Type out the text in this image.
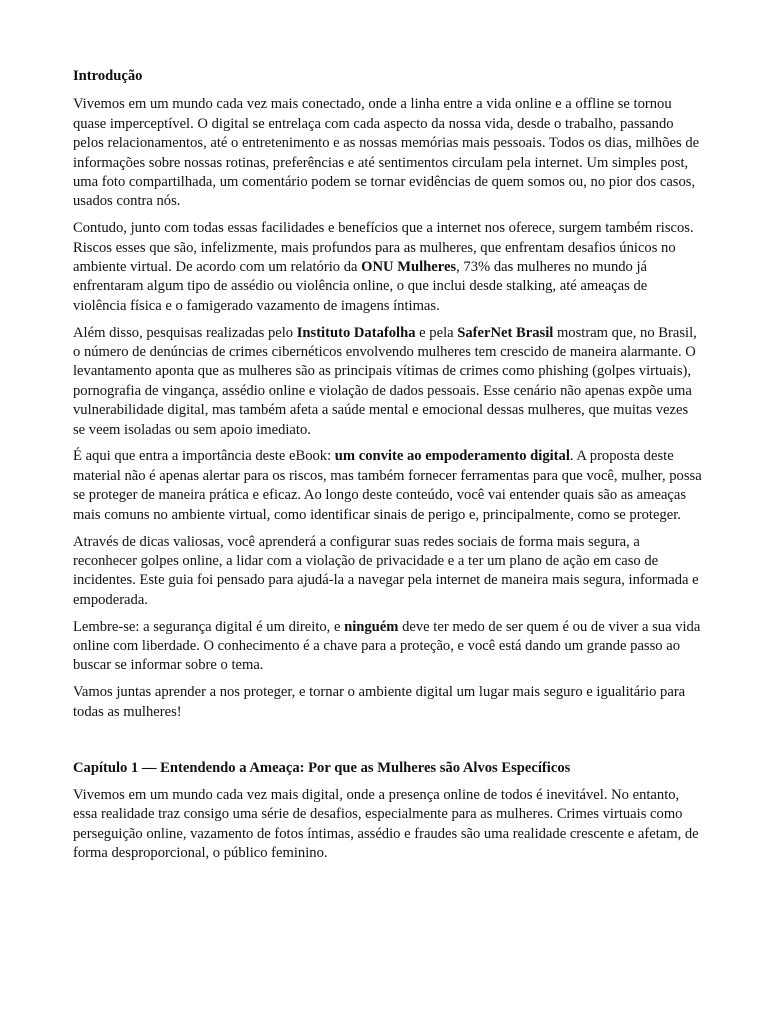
Introdução

Vivemos em um mundo cada vez mais conectado, onde a linha entre a vida online e a offline se tornou quase imperceptível. O digital se entrelaça com cada aspecto da nossa vida, desde o trabalho, passando pelos relacionamentos, até o entretenimento e as nossas memórias mais pessoais. Todos os dias, milhões de informações sobre nossas rotinas, preferências e até sentimentos circulam pela internet. Um simples post, uma foto compartilhada, um comentário podem se tornar evidências de quem somos ou, no pior dos casos, usados contra nós.

Contudo, junto com todas essas facilidades e benefícios que a internet nos oferece, surgem também riscos. Riscos esses que são, infelizmente, mais profundos para as mulheres, que enfrentam desafios únicos no ambiente virtual. De acordo com um relatório da ONU Mulheres, 73% das mulheres no mundo já enfrentaram algum tipo de assédio ou violência online, o que inclui desde stalking, até ameaças de violência física e o famigerado vazamento de imagens íntimas.

Além disso, pesquisas realizadas pelo Instituto Datafolha e pela SaferNet Brasil mostram que, no Brasil, o número de denúncias de crimes cibernéticos envolvendo mulheres tem crescido de maneira alarmante. O levantamento aponta que as mulheres são as principais vítimas de crimes como phishing (golpes virtuais), pornografia de vingança, assédio online e violação de dados pessoais. Esse cenário não apenas expõe uma vulnerabilidade digital, mas também afeta a saúde mental e emocional dessas mulheres, que muitas vezes se veem isoladas ou sem apoio imediato.

É aqui que entra a importância deste eBook: um convite ao empoderamento digital. A proposta deste material não é apenas alertar para os riscos, mas também fornecer ferramentas para que você, mulher, possa se proteger de maneira prática e eficaz. Ao longo deste conteúdo, você vai entender quais são as ameaças mais comuns no ambiente virtual, como identificar sinais de perigo e, principalmente, como se proteger.

Através de dicas valiosas, você aprenderá a configurar suas redes sociais de forma mais segura, a reconhecer golpes online, a lidar com a violação de privacidade e a ter um plano de ação em caso de incidentes. Este guia foi pensado para ajudá-la a navegar pela internet de maneira mais segura, informada e empoderada.

Lembre-se: a segurança digital é um direito, e ninguém deve ter medo de ser quem é ou de viver a sua vida online com liberdade. O conhecimento é a chave para a proteção, e você está dando um grande passo ao buscar se informar sobre o tema.

Vamos juntas aprender a nos proteger, e tornar o ambiente digital um lugar mais seguro e igualitário para todas as mulheres!

Capítulo 1 — Entendendo a Ameaça: Por que as Mulheres são Alvos Específicos

Vivemos em um mundo cada vez mais digital, onde a presença online de todos é inevitável. No entanto, essa realidade traz consigo uma série de desafios, especialmente para as mulheres. Crimes virtuais como perseguição online, vazamento de fotos íntimas, assédio e fraudes são uma realidade crescente e afetam, de forma desproporcional, o público feminino.
